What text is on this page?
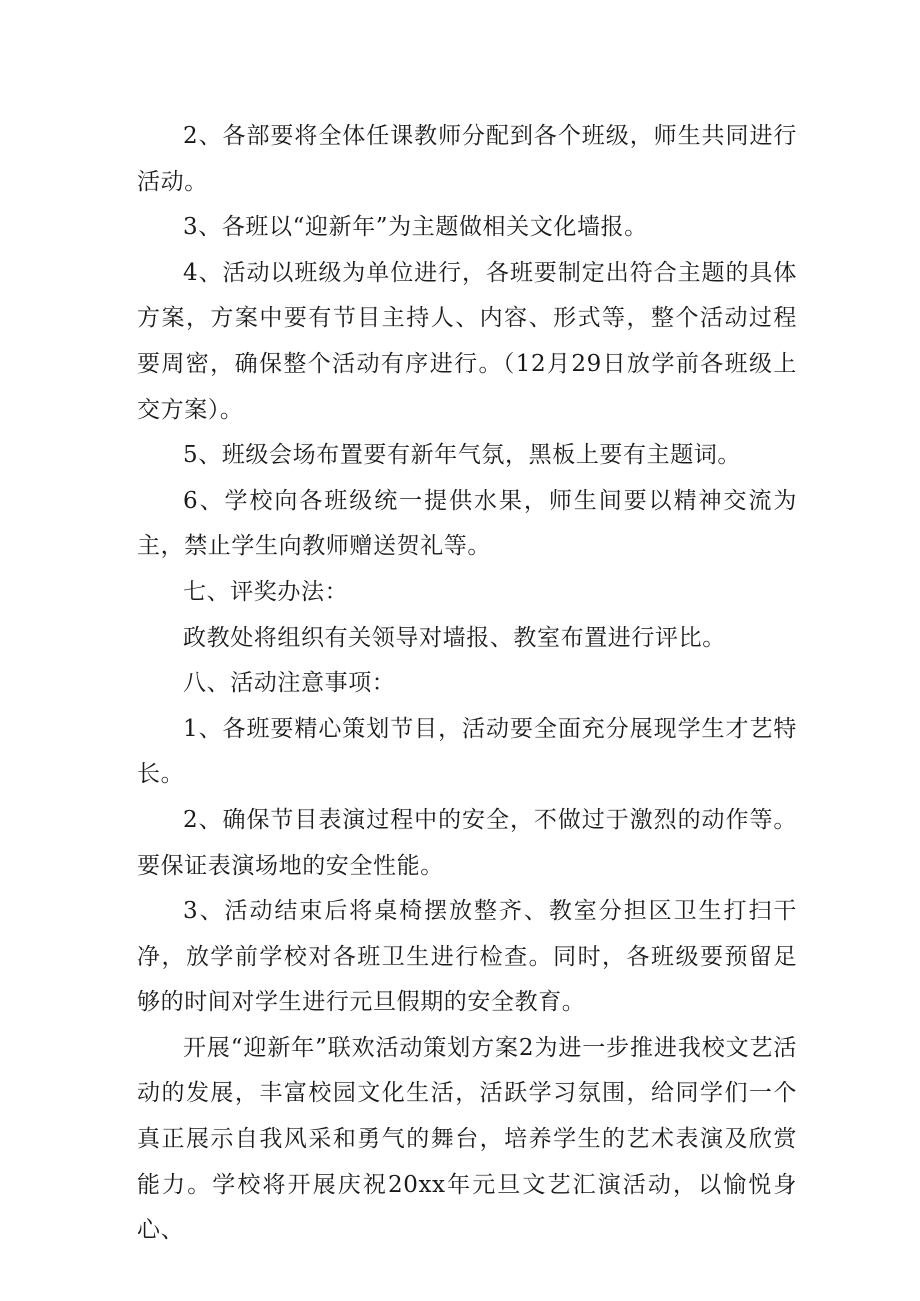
2、各部要将全体任课教师分配到各个班级，师生共同进行活动。

3、各班以“迎新年”为主题做相关文化墙报。

4、活动以班级为单位进行，各班要制定出符合主题的具体方案，方案中要有节目主持人、内容、形式等，整个活动过程要周密，确保整个活动有序进行。（12月29日放学前各班级上交方案）。

5、班级会场布置要有新年气氛，黑板上要有主题词。

6、学校向各班级统一提供水果，师生间要以精神交流为主，禁止学生向教师赠送贺礼等。

七、评奖办法：

政教处将组织有关领导对墙报、教室布置进行评比。

八、活动注意事项：

1、各班要精心策划节目，活动要全面充分展现学生才艺特长。

2、确保节目表演过程中的安全，不做过于激烈的动作等。要保证表演场地的安全性能。

3、活动结束后将桌椅摆放整齐、教室分担区卫生打扫干净，放学前学校对各班卫生进行检查。同时，各班级要预留足够的时间对学生进行元旦假期的安全教育。

开展“迎新年”联欢活动策划方案2为进一步推进我校文艺活动的发展，丰富校园文化生活，活跃学习氛围，给同学们一个真正展示自我风采和勇气的舞台，培养学生的艺术表演及欣赏能力。学校将开展庆祝20xx年元旦文艺汇演活动，以愉悦身心、
